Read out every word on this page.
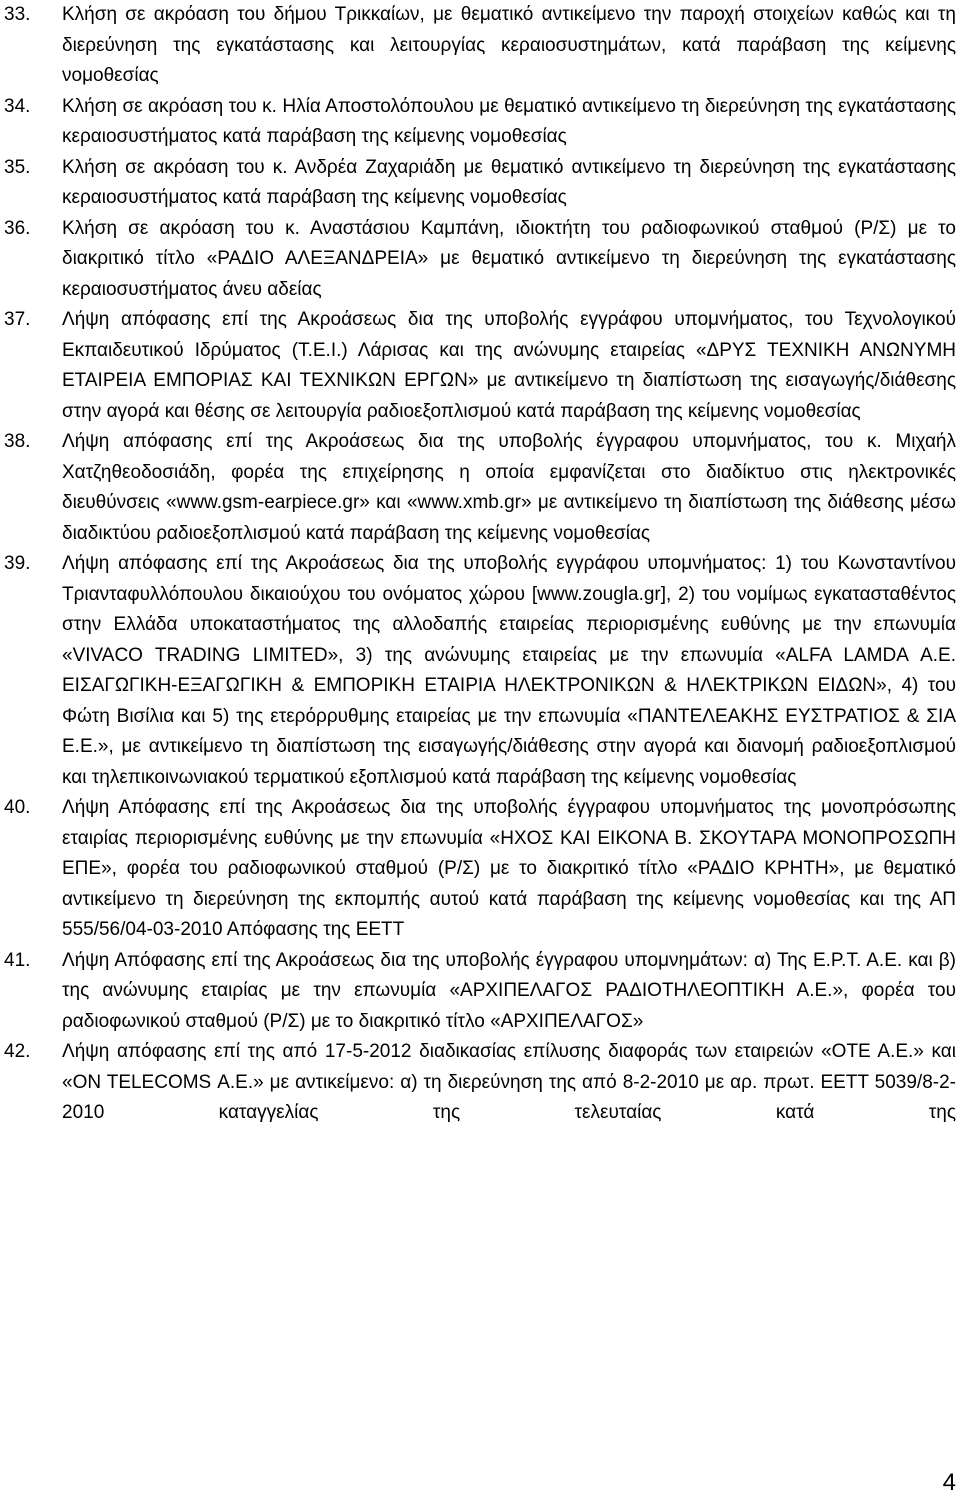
33. Κλήση σε ακρόαση του δήμου Τρικκαίων, με θεματικό αντικείμενο την παροχή στοιχείων καθώς και τη διερεύνηση της εγκατάστασης και λειτουργίας κεραιοσυστημάτων, κατά παράβαση της κείμενης νομοθεσίας
34. Κλήση σε ακρόαση του κ. Ηλία Αποστολόπουλου με θεματικό αντικείμενο τη διερεύνηση της εγκατάστασης κεραιοσυστήματος κατά παράβαση της κείμενης νομοθεσίας
35. Κλήση σε ακρόαση του κ. Ανδρέα Ζαχαριάδη με θεματικό αντικείμενο τη διερεύνηση της εγκατάστασης κεραιοσυστήματος κατά παράβαση της κείμενης νομοθεσίας
36. Κλήση σε ακρόαση του κ. Αναστάσιου Καμπάνη, ιδιοκτήτη του ραδιοφωνικού σταθμού (Ρ/Σ) με το διακριτικό τίτλο «ΡΑΔΙΟ ΑΛΕΞΑΝΔΡΕΙΑ» με θεματικό αντικείμενο τη διερεύνηση της εγκατάστασης κεραιοσυστήματος άνευ αδείας
37. Λήψη απόφασης επί της Ακροάσεως δια της υποβολής εγγράφου υπομνήματος, του Τεχνολογικού Εκπαιδευτικού Ιδρύματος (Τ.Ε.Ι.) Λάρισας και της ανώνυμης εταιρείας «ΔΡΥΣ ΤΕΧΝΙΚΗ ΑΝΩΝΥΜΗ ΕΤΑΙΡΕΙΑ ΕΜΠΟΡΙΑΣ ΚΑΙ ΤΕΧΝΙΚΩΝ ΕΡΓΩΝ» με αντικείμενο τη διαπίστωση της εισαγωγής/διάθεσης στην αγορά και θέσης σε λειτουργία ραδιοεξοπλισμού κατά παράβαση της κείμενης νομοθεσίας
38. Λήψη απόφασης επί της Ακροάσεως δια της υποβολής έγγραφου υπομνήματος, του κ. Μιχαήλ Χατζηθεοδοσιάδη, φορέα της επιχείρησης η οποία εμφανίζεται στο διαδίκτυο στις ηλεκτρονικές διευθύνσεις «www.gsm-earpiece.gr» και «www.xmb.gr» με αντικείμενο τη διαπίστωση της διάθεσης μέσω διαδικτύου ραδιοεξοπλισμού κατά παράβαση της κείμενης νομοθεσίας
39. Λήψη απόφασης επί της Ακροάσεως δια της υποβολής εγγράφου υπομνήματος: 1) του Κωνσταντίνου Τριανταφυλλόπουλου δικαιούχου του ονόματος χώρου [www.zougla.gr], 2) του νομίμως εγκατασταθέντος στην Ελλάδα υποκαταστήματος της αλλοδαπής εταιρείας περιορισμένης ευθύνης με την επωνυμία «VIVACO TRADING LIMITED», 3) της ανώνυμης εταιρείας με την επωνυμία «ALFA LAMDA Α.Ε. ΕΙΣΑΓΩΓΙΚΗ-ΕΞΑΓΩΓΙΚΗ & ΕΜΠΟΡΙΚΗ ΕΤΑΙΡΙΑ ΗΛΕΚΤΡΟΝΙΚΩΝ & ΗΛΕΚΤΡΙΚΩΝ ΕΙΔΩΝ», 4) του Φώτη Βισίλια και 5) της ετερόρρυθμης εταιρείας με την επωνυμία «ΠΑΝΤΕΛΕΑΚΗΣ ΕΥΣΤΡΑΤΙΟΣ & ΣΙΑ Ε.Ε.», με αντικείμενο τη διαπίστωση της εισαγωγής/διάθεσης στην αγορά και διανομή ραδιοεξοπλισμού και τηλεπικοινωνιακού τερματικού εξοπλισμού κατά παράβαση της κείμενης νομοθεσίας
40. Λήψη Απόφασης επί της Ακροάσεως δια της υποβολής έγγραφου υπομνήματος της μονοπρόσωπης εταιρίας περιορισμένης ευθύνης με την επωνυμία «ΗΧΟΣ ΚΑΙ ΕΙΚΟΝΑ Β. ΣΚΟΥΤΑΡΑ ΜΟΝΟΠΡΟΣΩΠΗ ΕΠΕ», φορέα του ραδιοφωνικού σταθμού (Ρ/Σ) με το διακριτικό τίτλο «ΡΑΔΙΟ ΚΡΗΤΗ», με θεματικό αντικείμενο τη διερεύνηση της εκπομπής αυτού κατά παράβαση της κείμενης νομοθεσίας και της ΑΠ 555/56/04-03-2010 Απόφασης της ΕΕΤΤ
41. Λήψη Απόφασης επί της Ακροάσεως δια της υποβολής έγγραφου υπομνημάτων: α) Της Ε.Ρ.Τ. Α.Ε. και β) της ανώνυμης εταιρίας με την επωνυμία «ΑΡΧΙΠΕΛΑΓΟΣ ΡΑΔΙΟΤΗΛΕΟΠΤΙΚΗ Α.Ε.», φορέα του ραδιοφωνικού σταθμού (Ρ/Σ) με το διακριτικό τίτλο «ΑΡΧΙΠΕΛΑΓΟΣ»
42. Λήψη απόφασης επί της από 17-5-2012 διαδικασίας επίλυσης διαφοράς των εταιρειών «ΟΤΕ Α.Ε.» και «ON TELECOMS Α.Ε.» με αντικείμενο: α) τη διερεύνηση της από 8-2-2010 με αρ. πρωτ. ΕΕΤΤ 5039/8-2-2010 καταγγελίας της τελευταίας κατά της
4
